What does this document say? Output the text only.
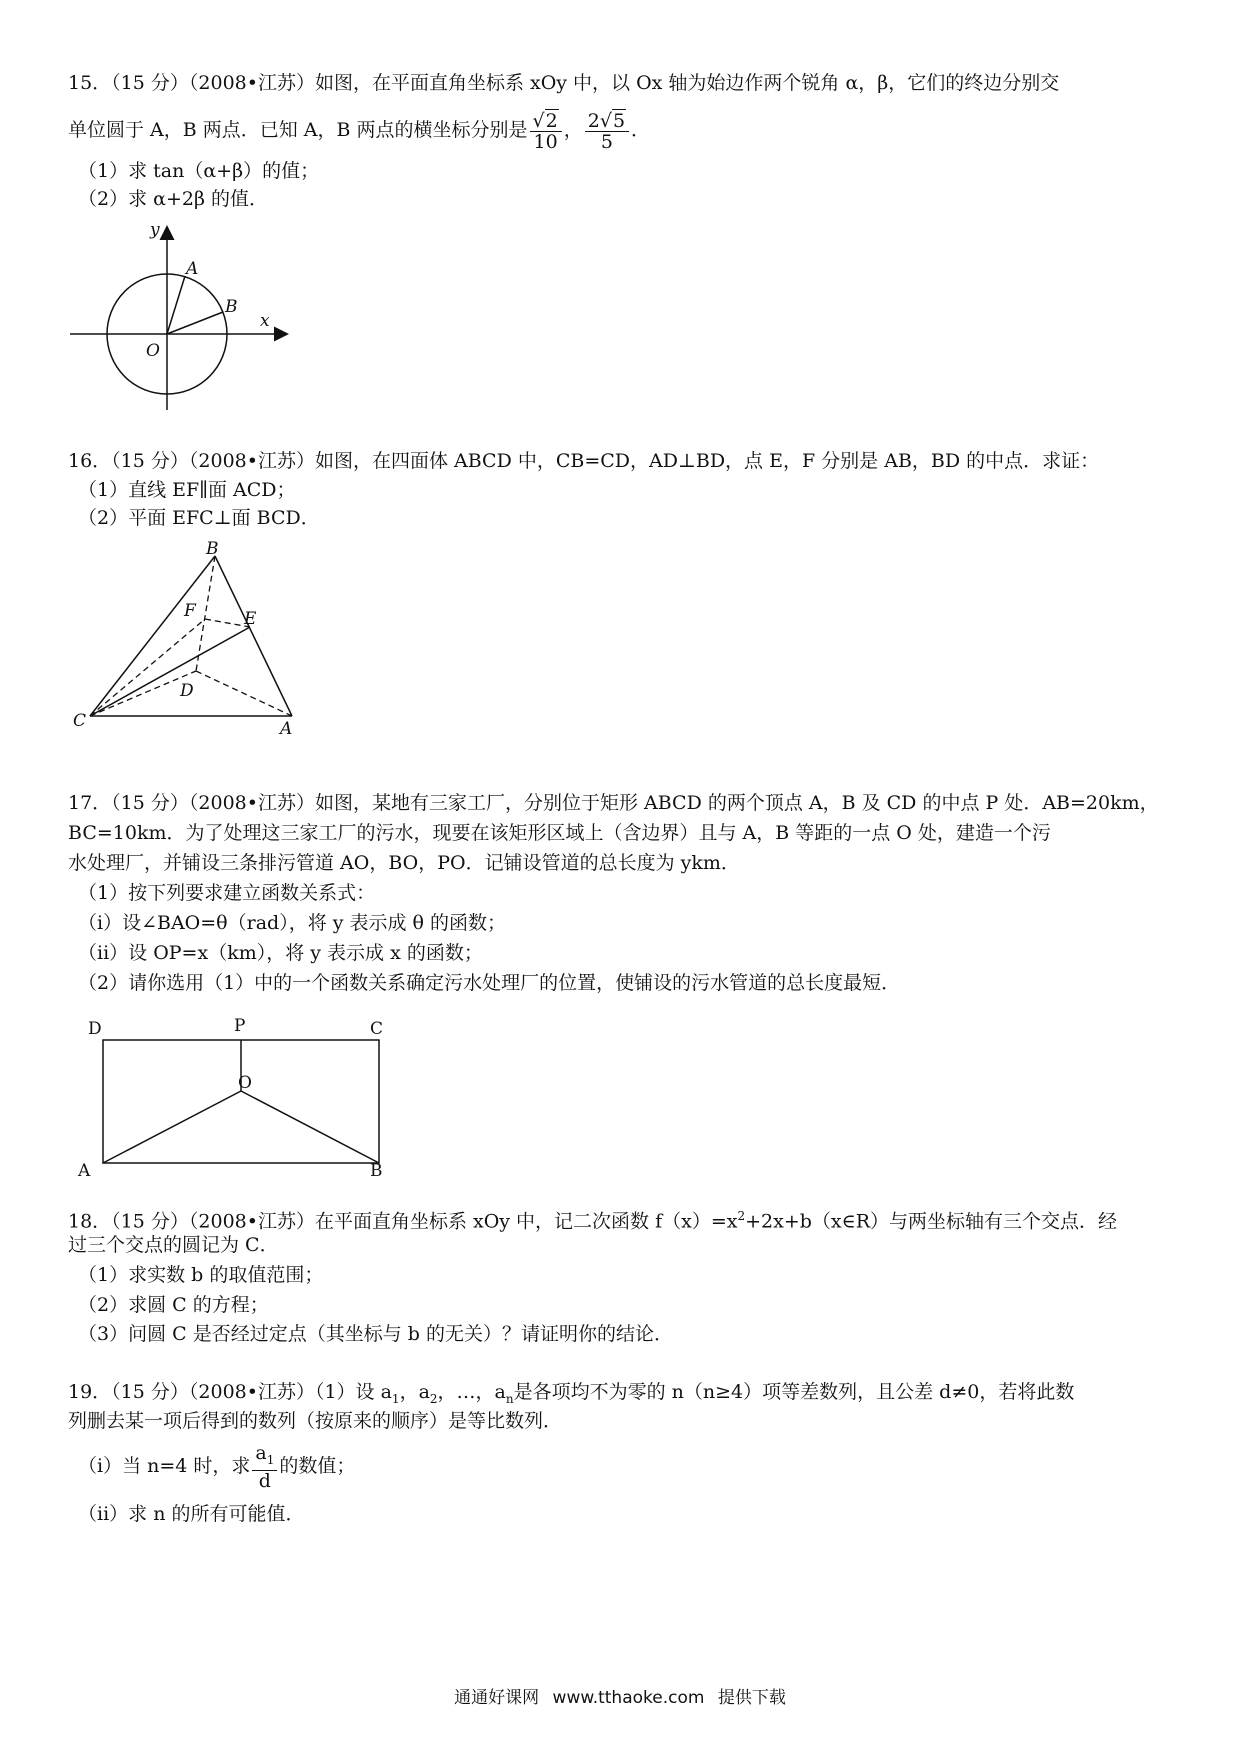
15．（15 分）（2008•江苏）如图，在平面直角坐标系 xOy 中，以 Ox 轴为始边作两个锐角 α，β，它们的终边分别交
单位圆于 A，B 两点．已知 A，B 两点的横坐标分别是 $\frac{√2}{10}$ ， $\frac{2√5}{5}$ ．
（1）求 tan（α+β）的值；
（2）求 α+2β 的值．
y
x
O
A
B
16．（15 分）（2008•江苏）如图，在四面体 ABCD 中，CB=CD，AD⊥BD，点 E，F 分别是 AB，BD 的中点．求证：
（1）直线 EF∥面 ACD；
（2）平面 EFC⊥面 BCD．
B
F	E
D
C	A
17．（15 分）（2008•江苏）如图，某地有三家工厂，分别位于矩形 ABCD 的两个顶点 A，B 及 CD 的中点 P 处．AB=20km，
BC=10km．为了处理这三家工厂的污水，现要在该矩形区域上（含边界）且与 A，B 等距的一点 O 处，建造一个污
水处理厂，并铺设三条排污管道 AO，BO，PO．记铺设管道的总长度为 ykm．
（1）按下列要求建立函数关系式：
（i）设∠BAO=θ（rad），将 y 表示成 θ 的函数；
（ii）设 OP=x（km），将 y 表示成 x 的函数；
（2）请你选用（1）中的一个函数关系确定污水处理厂的位置，使铺设的污水管道的总长度最短．
D	P	C
O
A	B
18．（15 分）（2008•江苏）在平面直角坐标系 xOy 中，记二次函数 $f(x)=x^2+2x+b(x\in R)$与两坐标轴有三个交点．经
过三个交点的圆记为 C．
（1）求实数 b 的取值范围；
（2）求圆 C 的方程；
（3）问圆 C 是否经过定点（其坐标与 b 的无关）？请证明你的结论．
19．（15 分）（2008•江苏）（1）设 $a_1$，$a_2$，…，$a_n$是各项均不为零的 n（n≥4）项等差数列，且公差 d≠0，若将此数
列删去某一项后得到的数列（按原来的顺序）是等比数列．
（i）当 n=4 时，求 $\frac{a_1}{d}$ 的数值；
（ii）求 n 的所有可能值．
通通好课网 www.tthaoke.com 提供下载
